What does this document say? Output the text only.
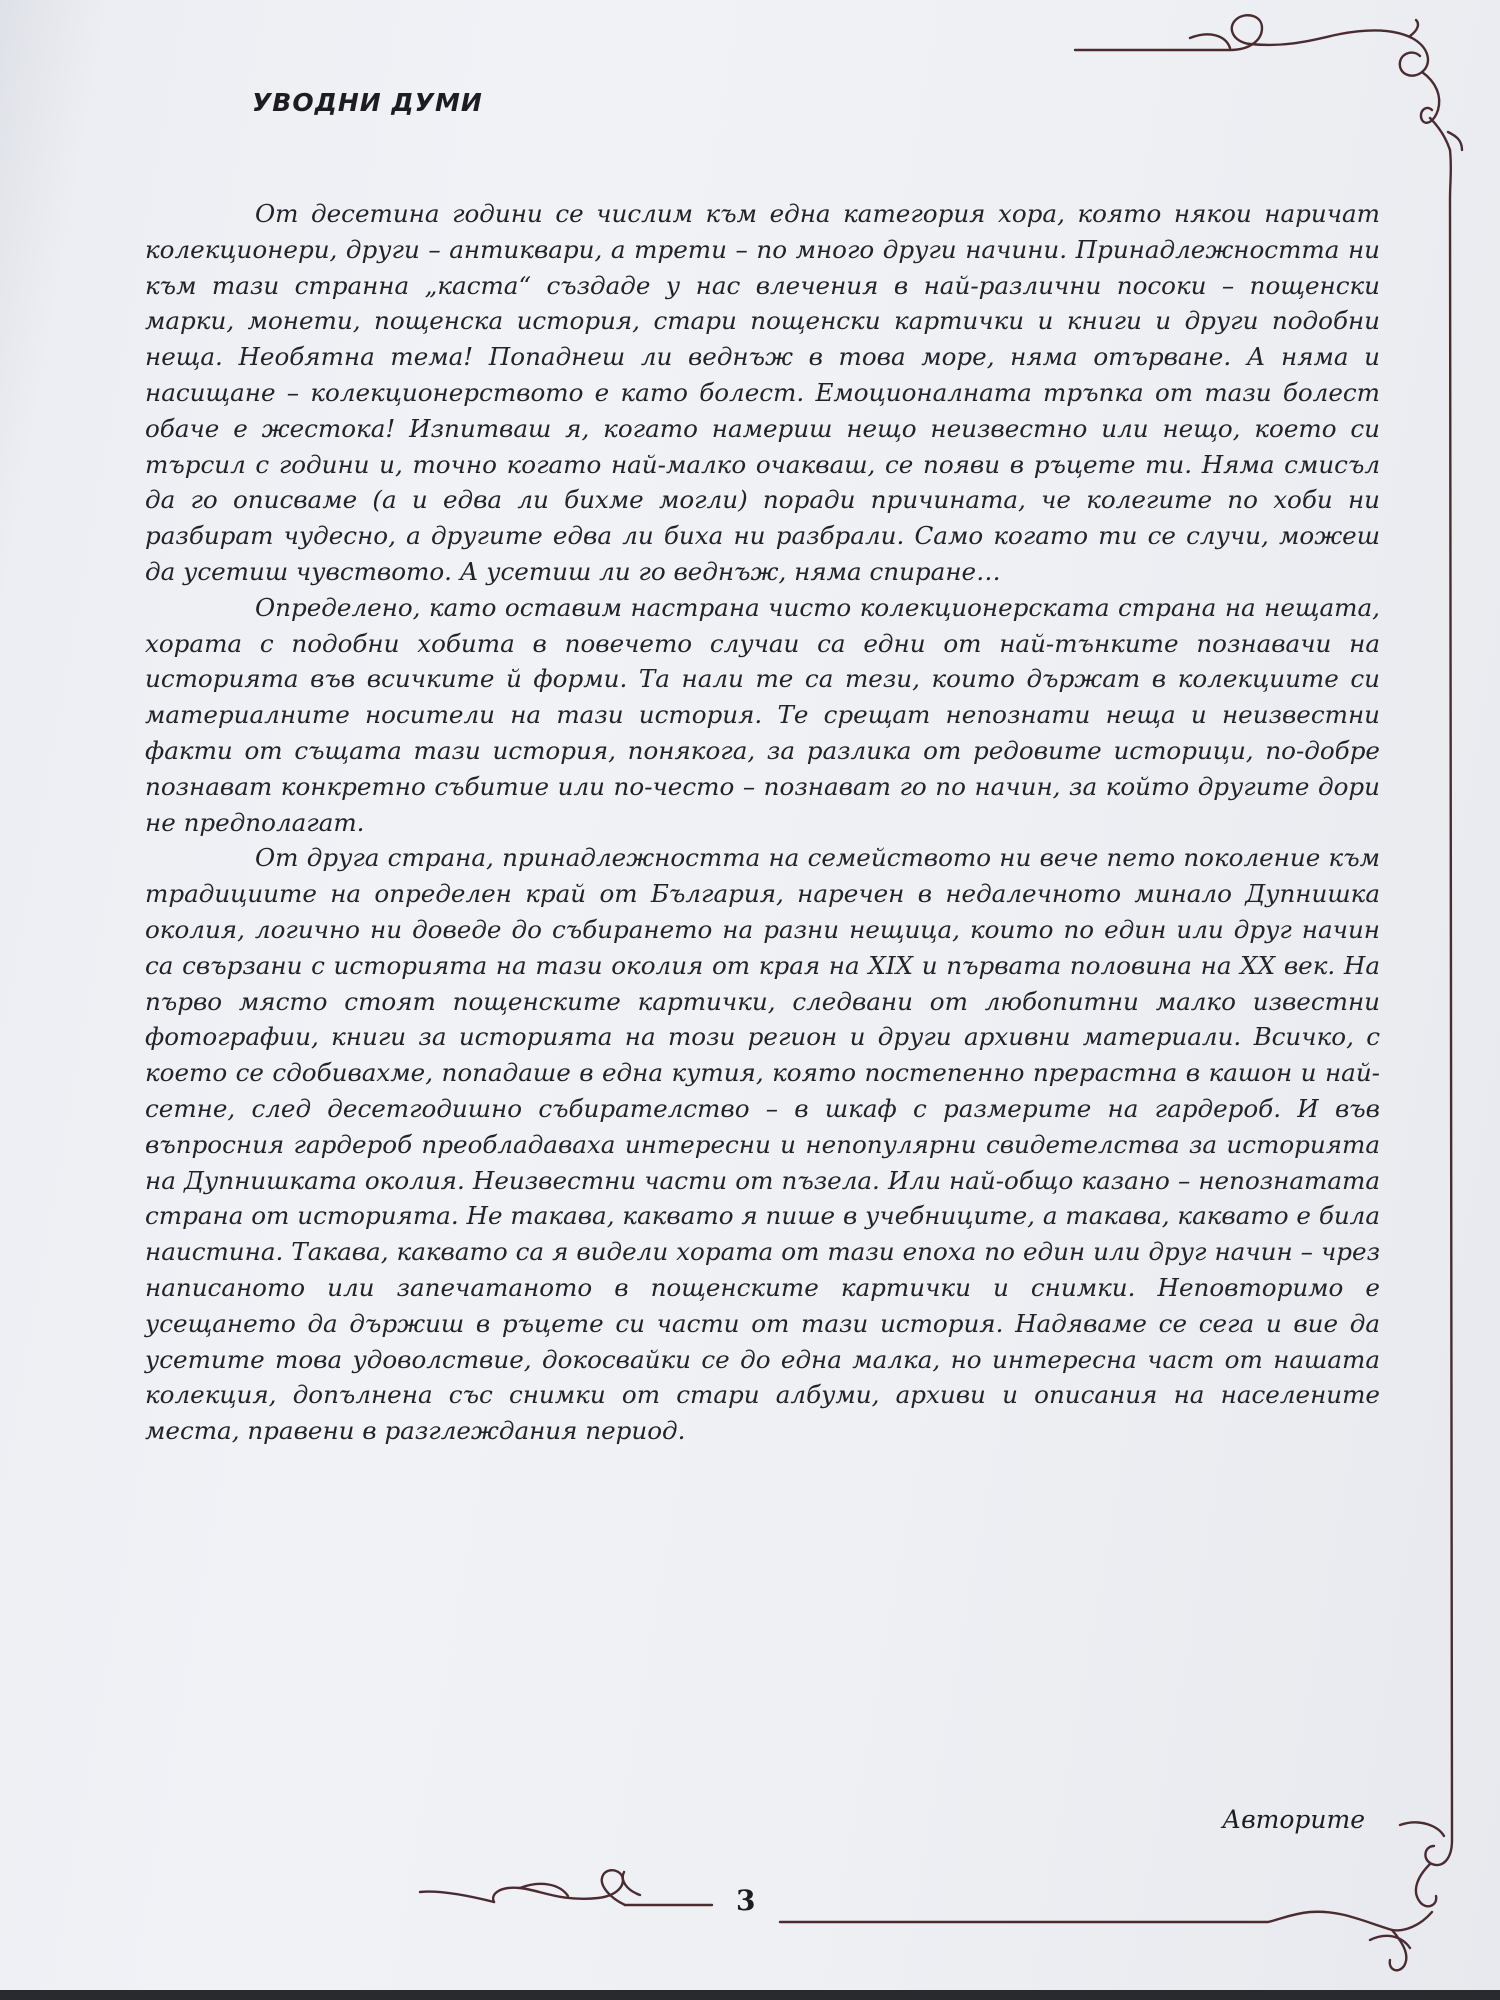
УВОДНИ ДУМИ

От десетина години се числим към една категория хора, която някои наричат колекционери, други – антиквари, а трети – по много други начини. Принадлежността ни към тази странна „каста“ създаде у нас влечения в най-различни посоки – пощенски марки, монети, пощенска история, стари пощенски картички и книги и други подобни неща. Необятна тема! Попаднеш ли веднъж в това море, няма отърване. А няма и насищане – колекционерството е като болест. Емоционалната тръпка от тази болест обаче е жестока! Изпитваш я, когато намериш нещо неизвестно или нещо, което си търсил с години и, точно когато най-малко очакваш, се появи в ръцете ти. Няма смисъл да го описваме (а и едва ли бихме могли) поради причината, че колегите по хоби ни разбират чудесно, а другите едва ли биха ни разбрали. Само когато ти се случи, можеш да усетиш чувството. А усетиш ли го веднъж, няма спиране…

Определено, като оставим настрана чисто колекционерската страна на нещата, хората с подобни хобита в повечето случаи са едни от най-тънките познавачи на историята във всичките й форми. Та нали те са тези, които държат в колекциите си материалните носители на тази история. Те срещат непознати неща и неизвестни факти от същата тази история, понякога, за разлика от редовите историци, по-добре познават конкретно събитие или по-често – познават го по начин, за който другите дори не предполагат.

От друга страна, принадлежността на семейството ни вече пето поколение към традициите на определен край от България, наречен в недалечното минало Дупнишка околия, логично ни доведе до събирането на разни нещица, които по един или друг начин са свързани с историята на тази околия от края на XIX и първата половина на XX век. На първо място стоят пощенските картички, следвани от любопитни малко известни фотографии, книги за историята на този регион и други архивни материали. Всичко, с което се сдобивахме, попадаше в една кутия, която постепенно прерастна в кашон и най-сетне, след десетгодишно събирателство – в шкаф с размерите на гардероб. И във въпросния гардероб преобладаваха интересни и непопулярни свидетелства за историята на Дупнишката околия. Неизвестни части от пъзела. Или най-общо казано – непознатата страна от историята. Не такава, каквато я пише в учебниците, а такава, каквато е била наистина. Такава, каквато са я видели хората от тази епоха по един или друг начин – чрез написаното или запечатаното в пощенските картички и снимки. Неповторимо е усещането да държиш в ръцете си части от тази история. Надяваме се сега и вие да усетите това удоволствие, докосвайки се до една малка, но интересна част от нашата колекция, допълнена със снимки от стари албуми, архиви и описания на населените места, правени в разглеждания период.

Авторите
3
